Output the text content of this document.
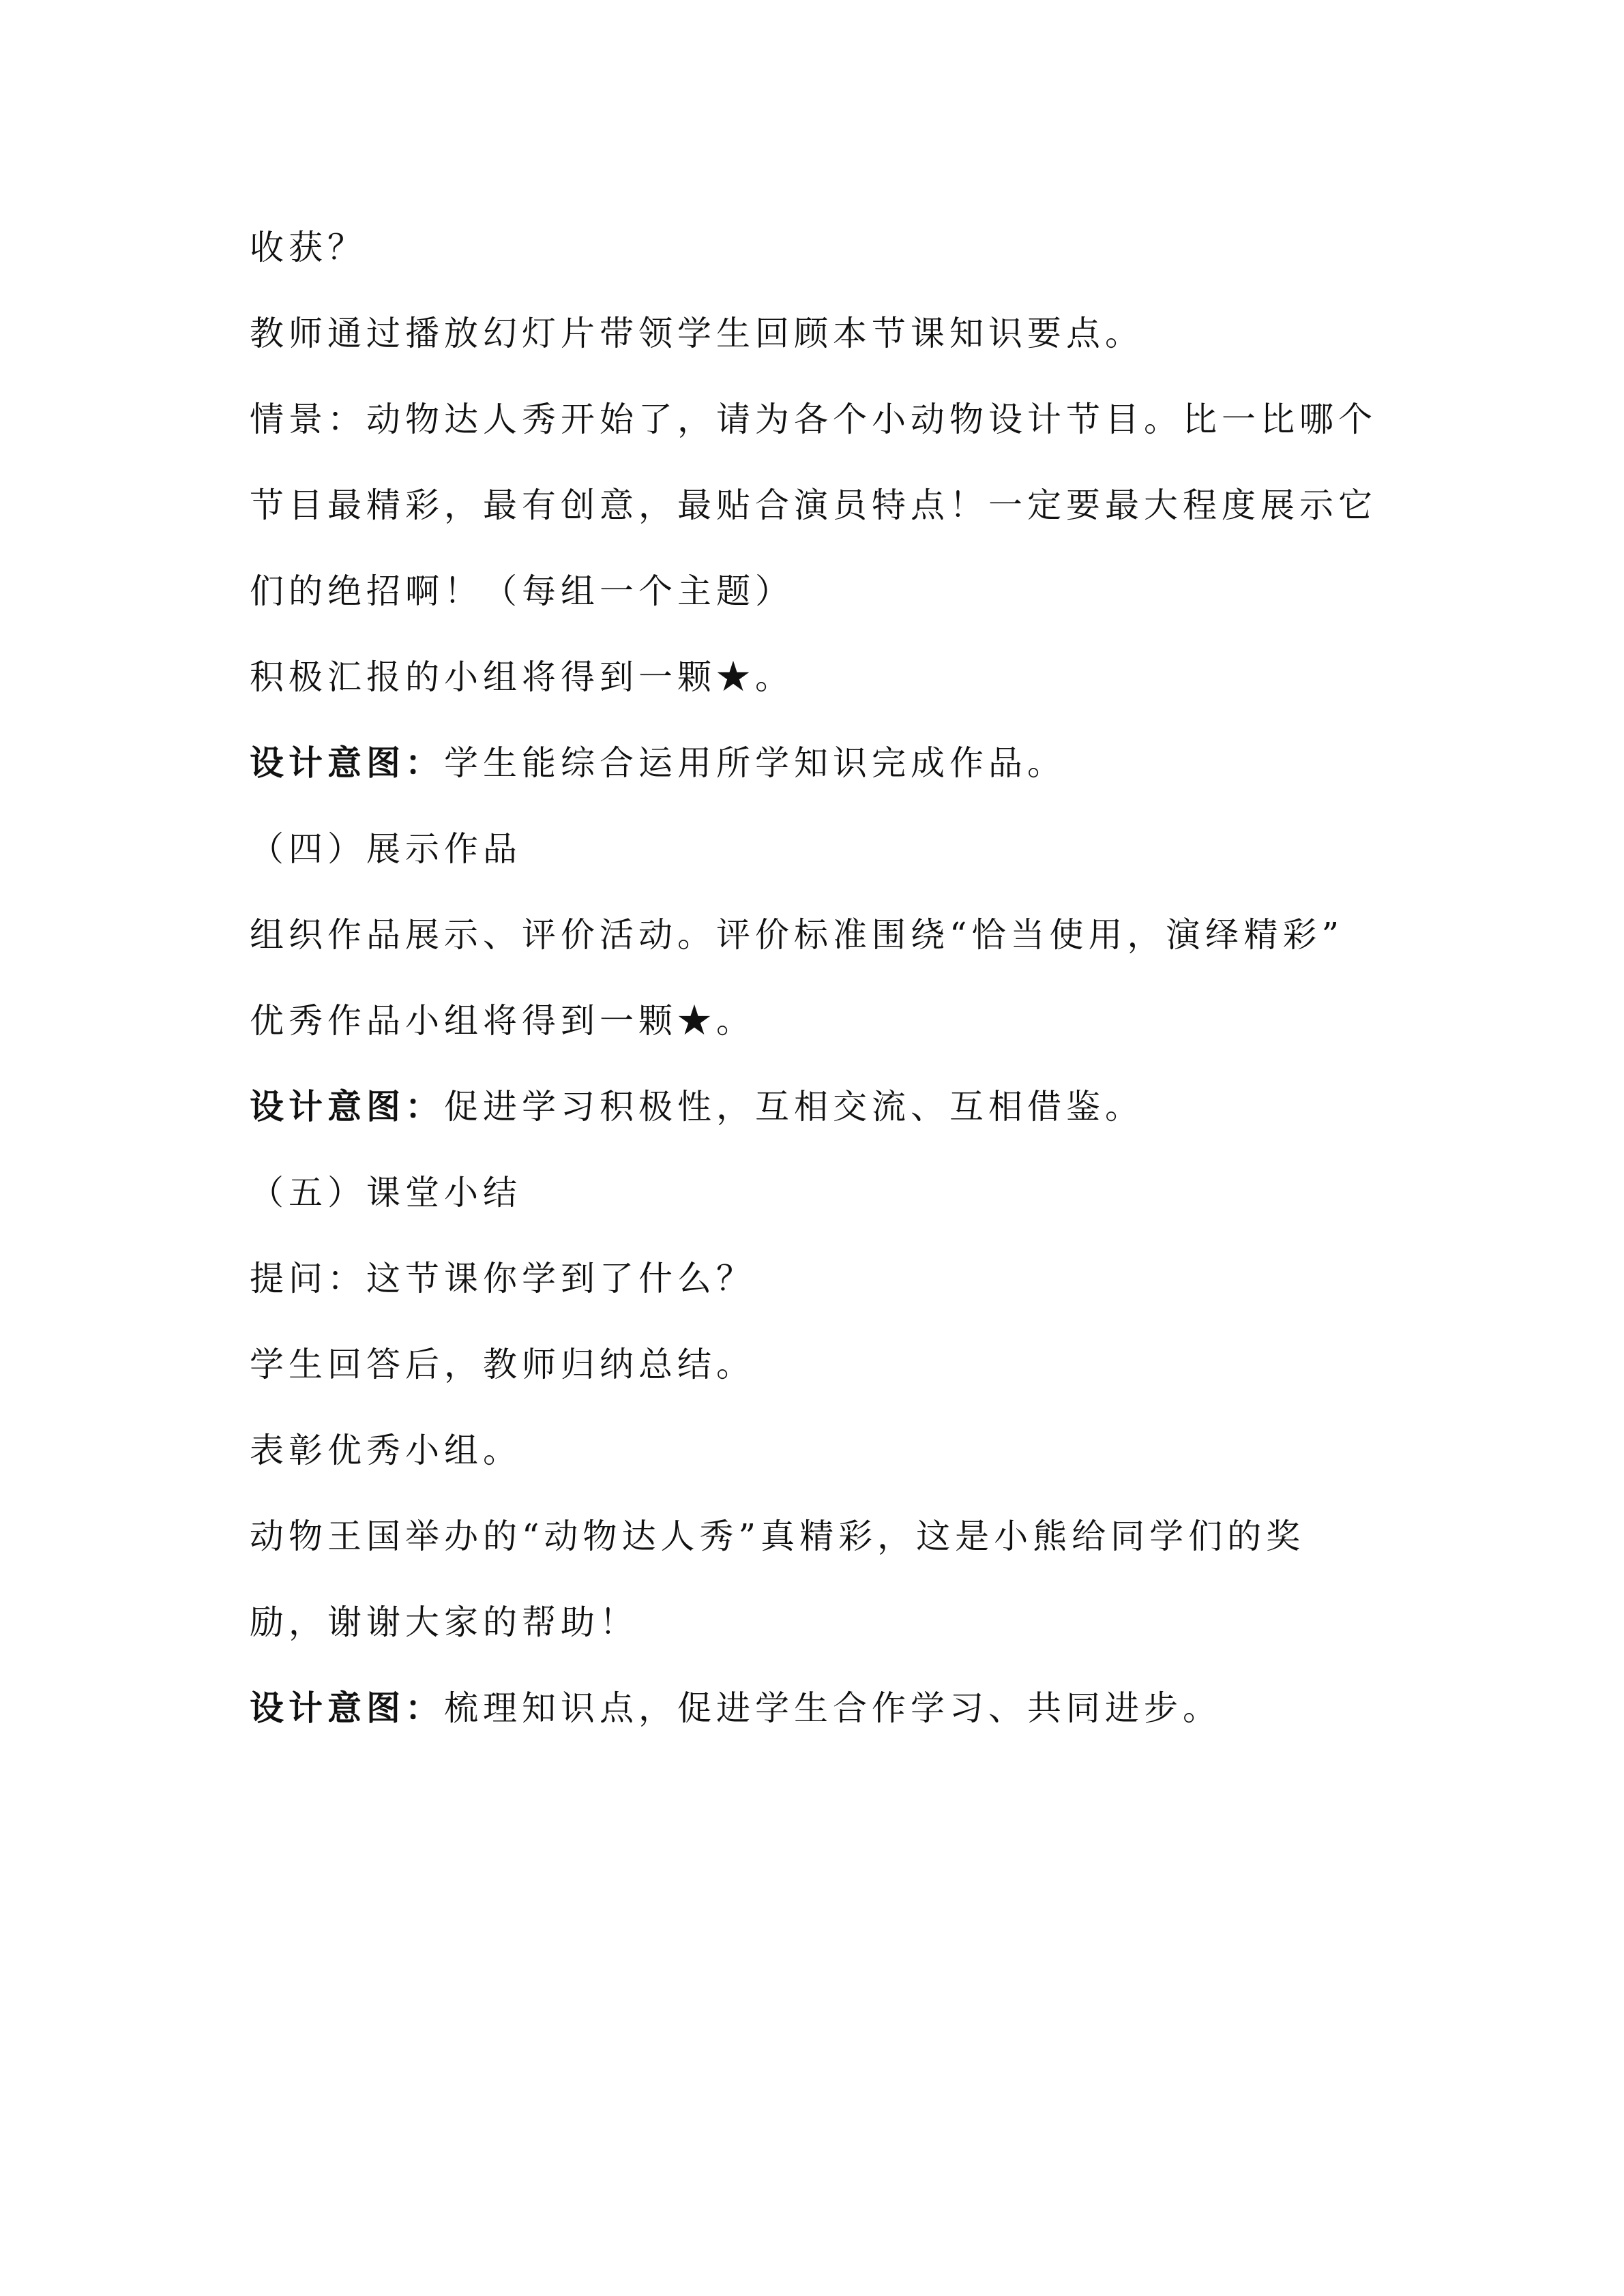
收获？
教师通过播放幻灯片带领学生回顾本节课知识要点。
情景：动物达人秀开始了，请为各个小动物设计节目。比一比哪个
节目最精彩，最有创意，最贴合演员特点！一定要最大程度展示它
们的绝招啊！（每组一个主题）
积极汇报的小组将得到一颗★。
设计意图：学生能综合运用所学知识完成作品。
（四）展示作品
组织作品展示、评价活动。评价标准围绕“恰当使用，演绎精彩”
优秀作品小组将得到一颗★。
设计意图：促进学习积极性，互相交流、互相借鉴。
（五）课堂小结
提问：这节课你学到了什么？
学生回答后，教师归纳总结。
表彰优秀小组。
动物王国举办的“动物达人秀”真精彩，这是小熊给同学们的奖
励，谢谢大家的帮助！
设计意图：梳理知识点，促进学生合作学习、共同进步。
